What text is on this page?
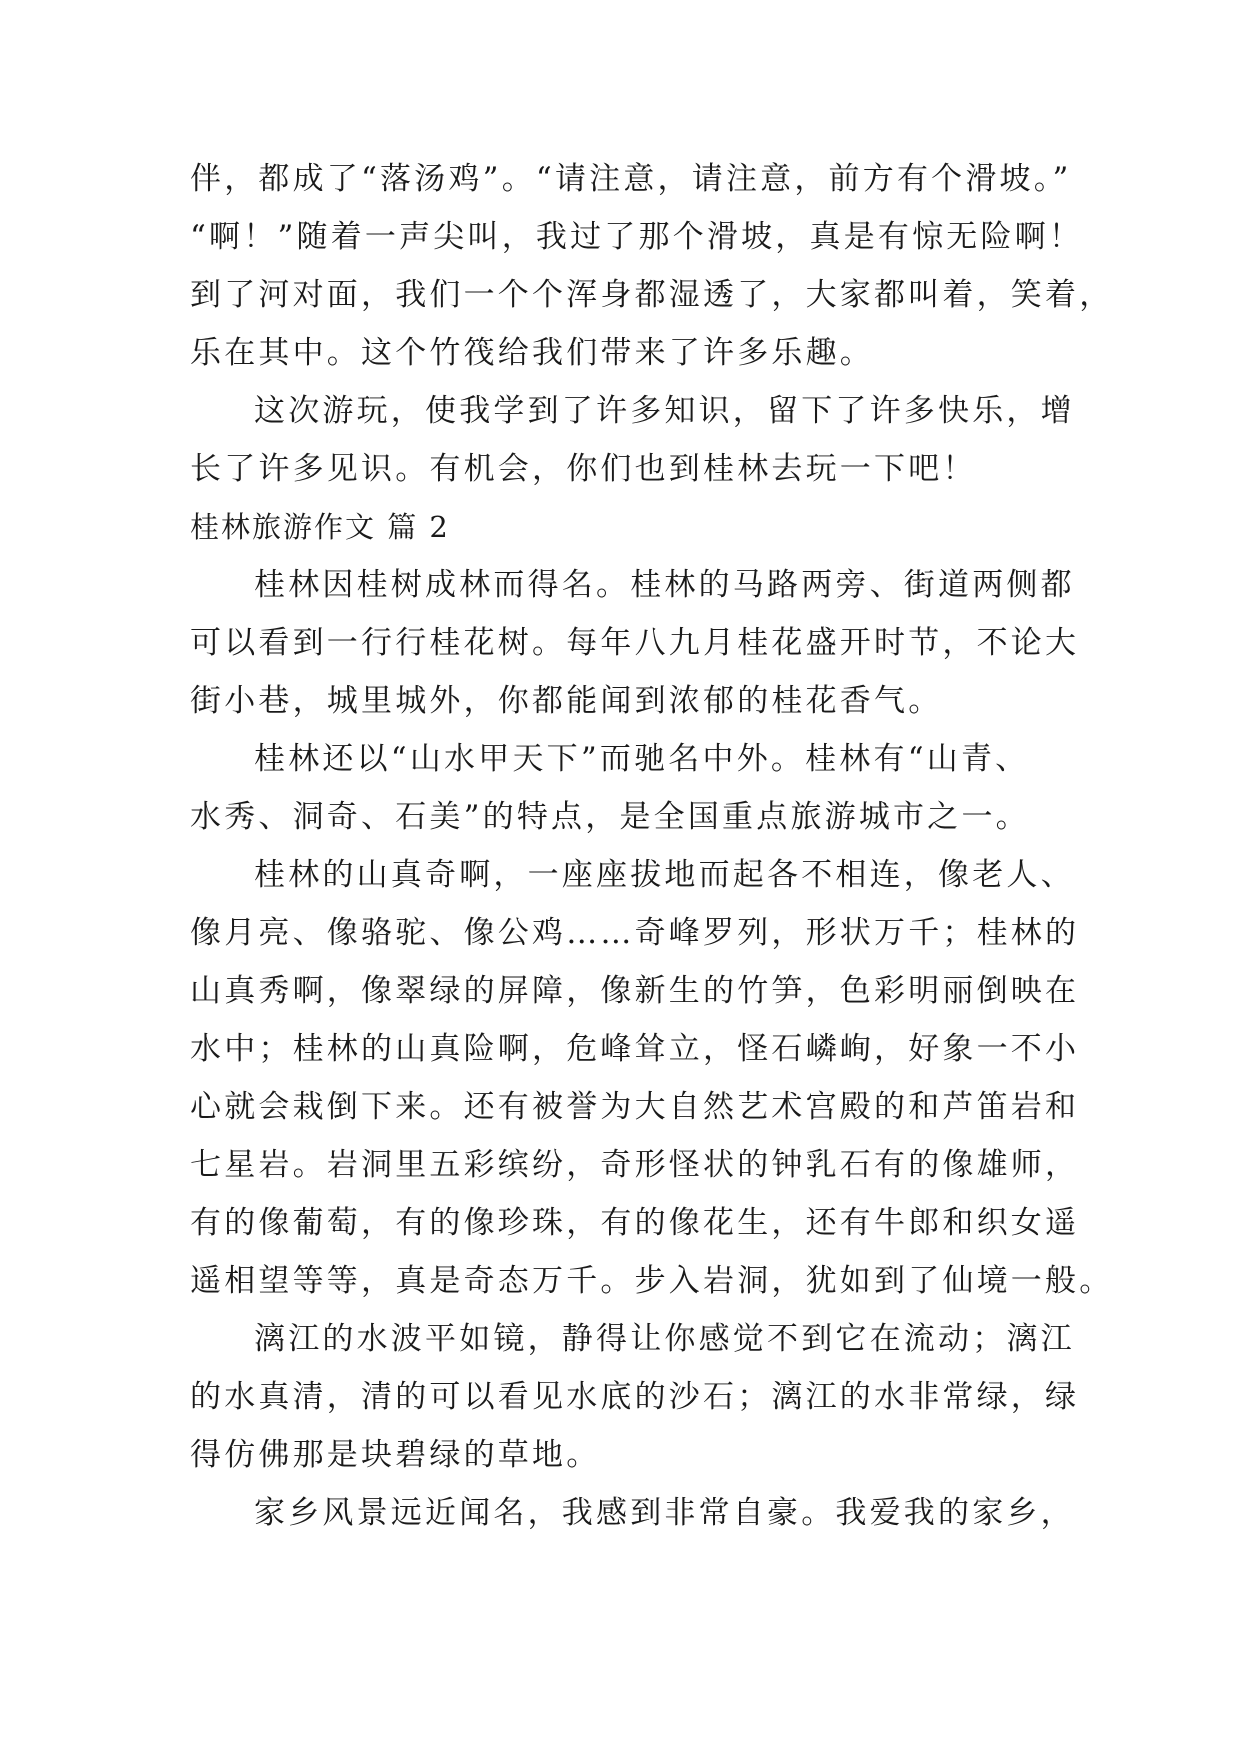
伴，都成了“落汤鸡”。“请注意，请注意，前方有个滑坡。”
“啊！”随着一声尖叫，我过了那个滑坡，真是有惊无险啊！
到了河对面，我们一个个浑身都湿透了，大家都叫着，笑着，
乐在其中。这个竹筏给我们带来了许多乐趣。
这次游玩，使我学到了许多知识，留下了许多快乐，增
长了许多见识。有机会，你们也到桂林去玩一下吧！
桂林旅游作文 篇 2
桂林因桂树成林而得名。桂林的马路两旁、街道两侧都
可以看到一行行桂花树。每年八九月桂花盛开时节，不论大
街小巷，城里城外，你都能闻到浓郁的桂花香气。
桂林还以“山水甲天下”而驰名中外。桂林有“山青、
水秀、洞奇、石美”的特点，是全国重点旅游城市之一。
桂林的山真奇啊，一座座拔地而起各不相连，像老人、
像月亮、像骆驼、像公鸡……奇峰罗列，形状万千；桂林的
山真秀啊，像翠绿的屏障，像新生的竹笋，色彩明丽倒映在
水中；桂林的山真险啊，危峰耸立，怪石嶙峋，好象一不小
心就会栽倒下来。还有被誉为大自然艺术宫殿的和芦笛岩和
七星岩。岩洞里五彩缤纷，奇形怪状的钟乳石有的像雄师，
有的像葡萄，有的像珍珠，有的像花生，还有牛郎和织女遥
遥相望等等，真是奇态万千。步入岩洞，犹如到了仙境一般。
漓江的水波平如镜，静得让你感觉不到它在流动；漓江
的水真清，清的可以看见水底的沙石；漓江的水非常绿，绿
得仿佛那是块碧绿的草地。
家乡风景远近闻名，我感到非常自豪。我爱我的家乡，
